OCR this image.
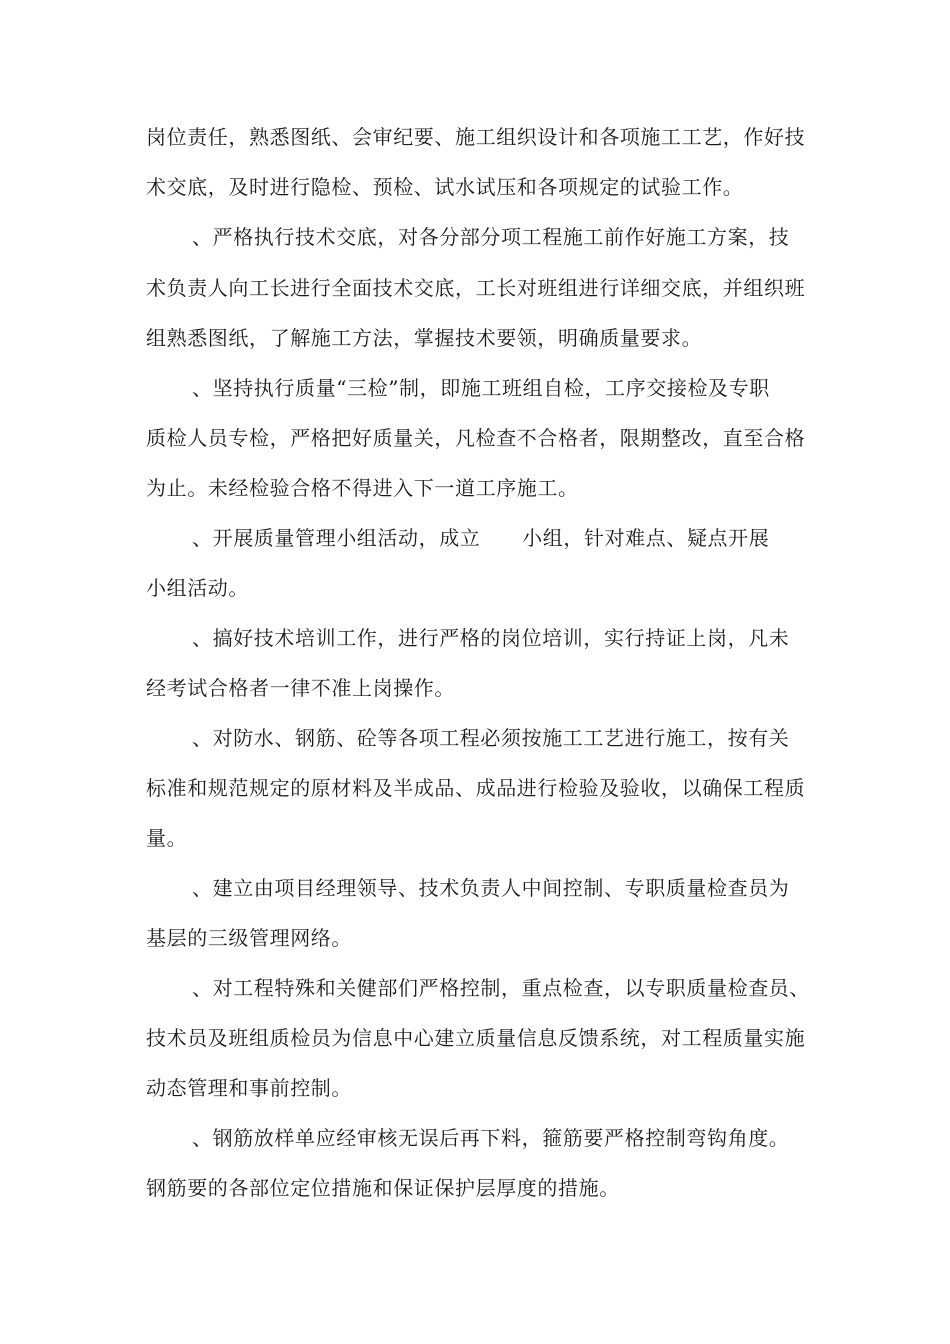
岗位责任，熟悉图纸、会审纪要、施工组织设计和各项施工工艺，作好技
术交底，及时进行隐检、预检、试水试压和各项规定的试验工作。
、严格执行技术交底，对各分部分项工程施工前作好施工方案，技
术负责人向工长进行全面技术交底，工长对班组进行详细交底，并组织班
组熟悉图纸，了解施工方法，掌握技术要领，明确质量要求。
、坚持执行质量“三检”制，即施工班组自检，工序交接检及专职
质检人员专检，严格把好质量关，凡检查不合格者，限期整改，直至合格
为止。未经检验合格不得进入下一道工序施工。
、开展质量管理小组活动，成立      小组，针对难点、疑点开展
小组活动。
、搞好技术培训工作，进行严格的岗位培训，实行持证上岗，凡未
经考试合格者一律不准上岗操作。
、对防水、钢筋、砼等各项工程必须按施工工艺进行施工，按有关
标准和规范规定的原材料及半成品、成品进行检验及验收，以确保工程质
量。
、建立由项目经理领导、技术负责人中间控制、专职质量检查员为
基层的三级管理网络。
、对工程特殊和关健部们严格控制，重点检查，以专职质量检查员、
技术员及班组质检员为信息中心建立质量信息反馈系统，对工程质量实施
动态管理和事前控制。
、钢筋放样单应经审核无误后再下料，箍筋要严格控制弯钩角度。
钢筋要的各部位定位措施和保证保护层厚度的措施。
